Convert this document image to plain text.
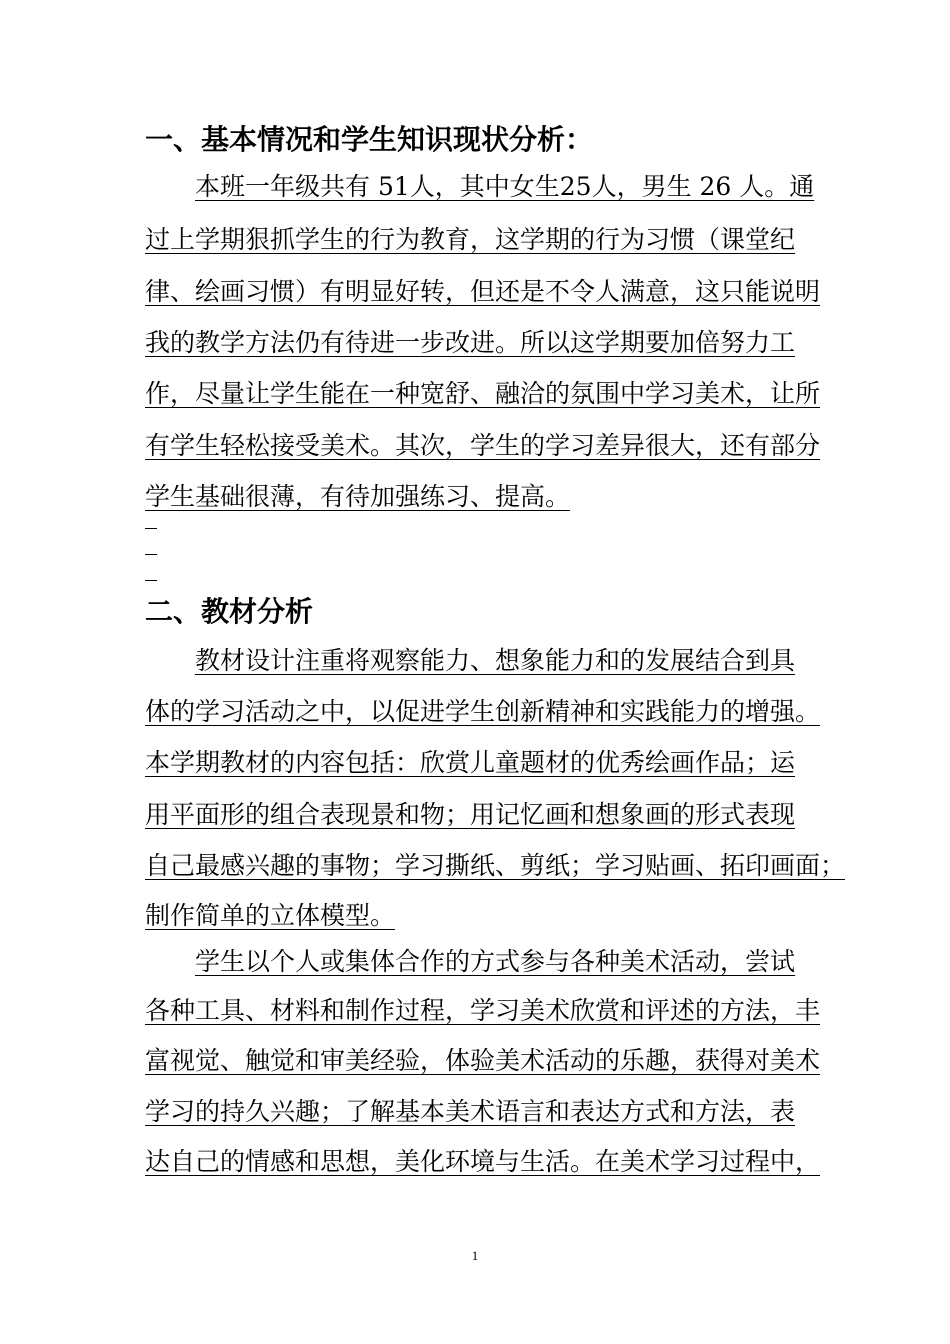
一、基本情况和学生知识现状分析：
本班一年级共有 51人，其中女生25人，男生 26 人。通
过上学期狠抓学生的行为教育，这学期的行为习惯（课堂纪
律、绘画习惯）有明显好转，但还是不令人满意，这只能说明
我的教学方法仍有待进一步改进。所以这学期要加倍努力工
作，尽量让学生能在一种宽舒、融洽的氛围中学习美术，让所
有学生轻松接受美术。其次，学生的学习差异很大，还有部分
学生基础很薄，有待加强练习、提高。
二、教材分析
教材设计注重将观察能力、想象能力和的发展结合到具
体的学习活动之中，以促进学生创新精神和实践能力的增强。
本学期教材的内容包括：欣赏儿童题材的优秀绘画作品；运
用平面形的组合表现景和物；用记忆画和想象画的形式表现
自己最感兴趣的事物；学习撕纸、剪纸；学习贴画、拓印画面；
制作简单的立体模型。
学生以个人或集体合作的方式参与各种美术活动，尝试
各种工具、材料和制作过程，学习美术欣赏和评述的方法，丰
富视觉、触觉和审美经验，体验美术活动的乐趣，获得对美术
学习的持久兴趣；了解基本美术语言和表达方式和方法，表
达自己的情感和思想，美化环境与生活。在美术学习过程中，
1
